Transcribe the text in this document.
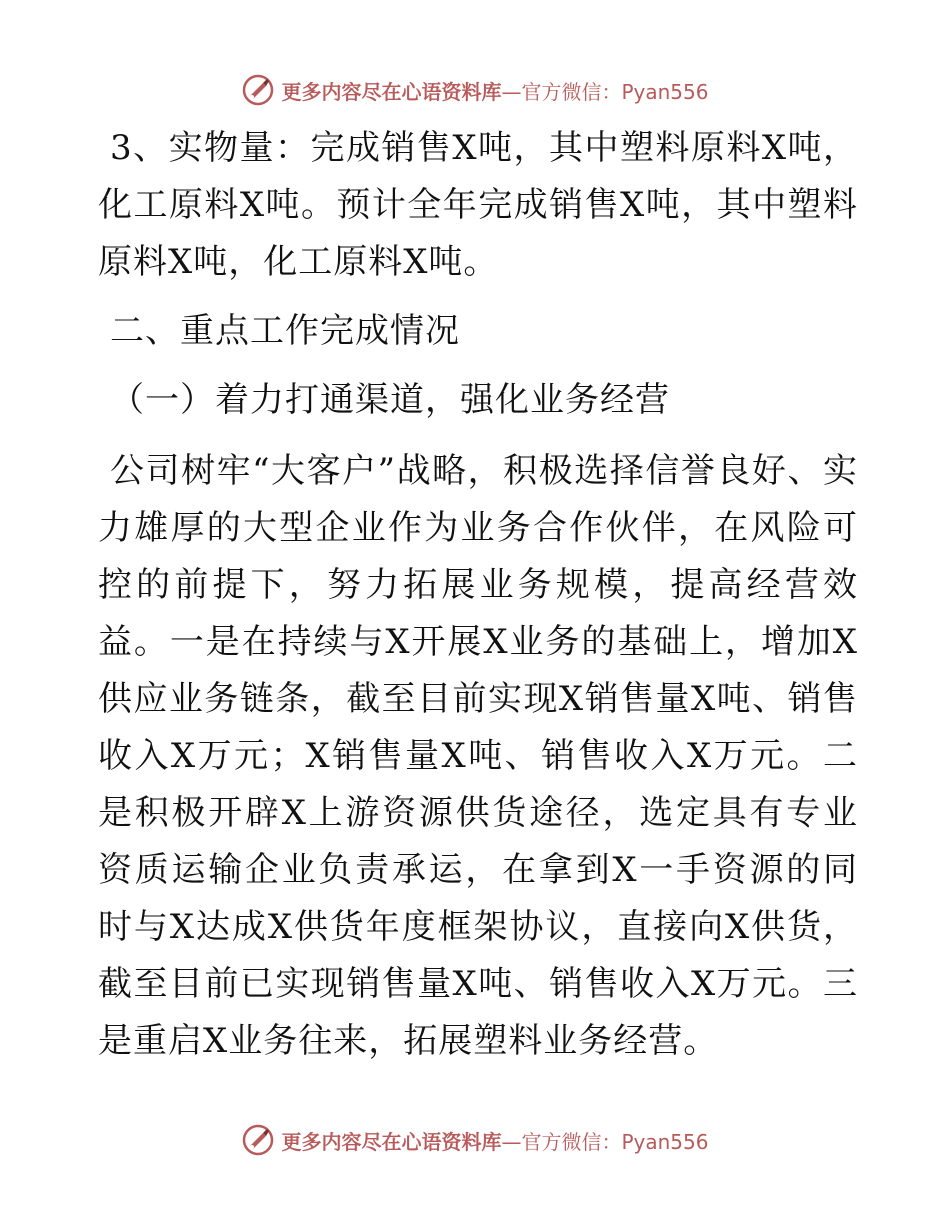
更多内容尽在心语资料库—官方微信：Pyan556

3、实物量：完成销售X吨，其中塑料原料X吨，化工原料X吨。预计全年完成销售X吨，其中塑料原料X吨，化工原料X吨。

二、重点工作完成情况

（一）着力打通渠道，强化业务经营

公司树牢“大客户”战略，积极选择信誉良好、实力雄厚的大型企业作为业务合作伙伴，在风险可控的前提下，努力拓展业务规模，提高经营效益。一是在持续与X开展X业务的基础上，增加X供应业务链条，截至目前实现X销售量X吨、销售收入X万元；X销售量X吨、销售收入X万元。二是积极开辟X上游资源供货途径，选定具有专业资质运输企业负责承运，在拿到X一手资源的同时与X达成X供货年度框架协议，直接向X供货，截至目前已实现销售量X吨、销售收入X万元。三是重启X业务往来，拓展塑料业务经营。

更多内容尽在心语资料库—官方微信：Pyan556
